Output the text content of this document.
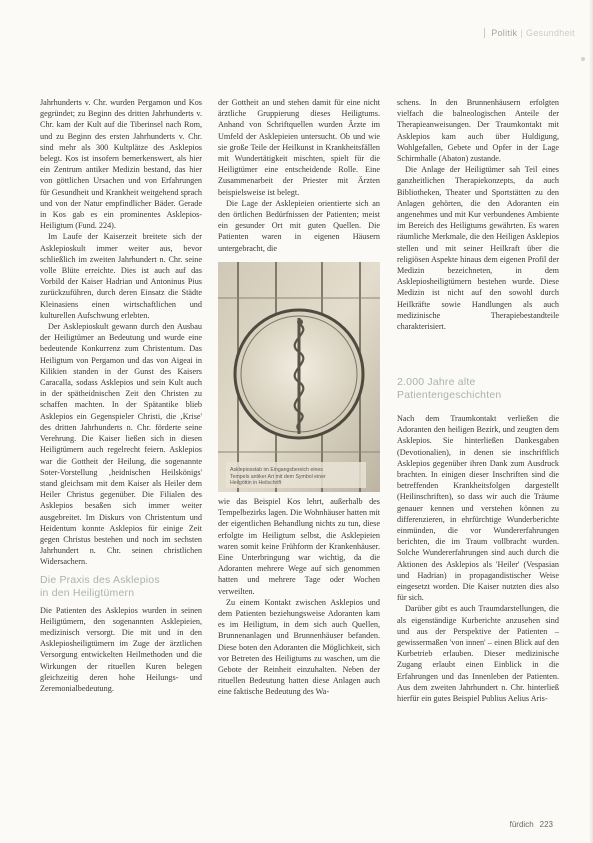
Politik | Gesundheit

Jahrhunderts v. Chr. wurden Pergamon und Kos gegründet; zu Beginn des dritten Jahrhunderts v. Chr. kam der Kult auf die Tiberinsel nach Rom, und zu Beginn des ersten Jahrhunderts v. Chr. sind mehr als 300 Kultplätze des Asklepios belegt. Kos ist insofern bemerkenswert, als hier ein Zentrum antiker Medizin bestand, das hier von göttlichen Ursachen und von Erfahrungen für Gesundheit und Krankheit weitgehend sprach und von der Natur empfindlicher Bäder. Gerade in Kos gab es ein prominentes Asklepios-Heiligtum (Fund. 224).

Im Laufe der Kaiserzeit breitete sich der Asklepioskult immer weiter aus, bevor schließlich im zweiten Jahrhundert n. Chr. seine volle Blüte erreichte. Dies ist auch auf das Vorbild der Kaiser Hadrian und Antoninus Pius zurückzuführen, durch deren Einsatz die Städte Kleinasiens einen wirtschaftlichen und kulturellen Aufschwung erlebten.

Der Asklepioskult gewann durch den Ausbau der Heiligtümer an Bedeutung und wurde eine bedeutende Konkurrenz zum Christentum. Das Heiligtum von Pergamon und das von Aigeai in Kilikien standen in der Gunst des Kaisers Caracalla, sodass Asklepios und sein Kult auch in der spätheidnischen Zeit den Christen zu schaffen machten. In der Spätantike blieb Asklepios ein Gegenspieler Christi, die ‚Krise' des dritten Jahrhunderts n. Chr. förderte seine Verehrung. Die Kaiser ließen sich in diesen Heiligtümern auch regelrecht feiern. Asklepios war die Gottheit der Heilung, die sogenannte Soter-Vorstellung ‚heidnischen Heilskönigs' stand gleichsam mit dem Kaiser als Heiler dem Heiler Christus gegenüber. Die Filialen des Asklepios besaßen sich immer weiter ausgebreitet. Im Diskurs von Christentum und Heidentum konnte Asklepios für einige Zeit gegen Christus bestehen und noch im sechsten Jahrhundert n. Chr. seinen christlichen Widersachern.

Die Praxis des Asklepios
in den Heiligtümern

Die Patienten des Asklepios wurden in seinen Heiligtümern, den sogenannten Asklepieien, medizinisch versorgt. Die mit und in den Asklepiosheiligtümern im Zuge der ärztlichen Versorgung entwickelten Heilmethoden und die Wirkungen der rituellen Kuren belegen gleichzeitig deren hohe Heilungs- und Zeremonialbedeutung.

der Gottheit an und stehen damit für eine nicht ärztliche Gruppierung dieses Heiligtums. Anhand von Schriftquellen wurden Ärzte im Umfeld der Asklepieien untersucht. Ob und wie sie große Teile der Heilkunst in Krankheitsfällen mit Wundertätigkeit mischten, spielt für die Heiligtümer eine entscheidende Rolle. Eine Zusammenarbeit der Priester mit Ärzten beispielsweise ist belegt.

Die Lage der Asklepieien orientierte sich an den örtlichen Bedürfnissen der Patienten; meist ein gesunder Ort mit guten Quellen. Die Patienten waren in eigenen Häusern untergebracht, die

Asklepiosstab im Eingangsbereich eines Tempels antiker Art mit dem Symbol einer Heilgöttin in Heilschrift

wie das Beispiel Kos lehrt, außerhalb des Tempelbezirks lagen. Die Wohnhäuser hatten mit der eigentlichen Behandlung nichts zu tun, diese erfolgte im Heiligtum selbst, die Asklepieien waren somit keine Frühform der Krankenhäuser. Eine Unterbringung war wichtig, da die Adoranten mehrere Wege auf sich genommen hatten und mehrere Tage oder Wochen verweilten.

Zu einem Kontakt zwischen Asklepios und dem Patienten beziehungsweise Adoranten kam es im Heiligtum, in dem sich auch Quellen, Brunnenanlagen und Brunnenhäuser befanden. Diese boten den Adoranten die Möglichkeit, sich vor Betreten des Heiligtums zu waschen, um die Gebote der Reinheit einzuhalten. Neben der rituellen Bedeutung hatten diese Anlagen auch eine faktische Bedeutung des Wa-

schens. In den Brunnenhäusern erfolgten vielfach die balneologischen Anteile der Therapieanweisungen. Der Traumkontakt mit Asklepios kam auch über Huldigung, Wohlgefallen, Gebete und Opfer in der Lage Schirmhalle (Abaton) zustande.

Die Anlage der Heiligtümer sah Teil eines ganzheitlichen Therapiekonzepts, da auch Bibliotheken, Theater und Sportstätten zu den Anlagen gehörten, die den Adoranten ein angenehmes und mit Kur verbundenes Ambiente im Bereich des Heiligtums gewährten. Es waren räumliche Merkmale, die den Heiligen Asklepios stellen und mit seiner Heilkraft über die religiösen Aspekte hinaus dem eigenen Profil der Medizin bezeichneten, in dem Asklepiosheiligtümern bestehen wurde. Diese Medizin ist nicht auf den sowohl durch Heilkräfte sowie Handlungen als auch medizinische Therapiebestandteile charakterisiert.

2.000 Jahre alte
Patientengeschichten

Nach dem Traumkontakt verließen die Adoranten den heiligen Bezirk, und zeugten dem Asklepios. Sie hinterließen Dankesgaben (Devotionalien), in denen sie inschriftlich Asklepios gegenüber ihren Dank zum Ausdruck brachten. In einigen dieser Inschriften sind die betreffenden Krankheitsfolgen dargestellt (Heilinschriften), so dass wir auch die Träume genauer kennen und verstehen können zu differenzieren, in ehrfürchtige Wunderberichte einmünden, die vor Wundererfahrungen berichten, die im Traum vollbracht wurden. Solche Wundererfahrungen sind auch durch die Aktionen des Asklepios als 'Heiler' (Vespasian und Hadrian) in propagandistischer Weise eingesetzt worden. Die Kaiser nutzten dies also für sich.

Darüber gibt es auch Traumdarstellungen, die als eigenständige Kurberichte anzusehen sind und aus der Perspektive der Patienten – gewissermaßen 'von innen' – einen Blick auf den Kurbetrieb erlauben. Dieser medizinische Zugang erlaubt einen Einblick in die Erfahrungen und das Innenleben der Patienten. Aus dem zweiten Jahrhundert n. Chr. hinterließ hierfür ein gutes Beispiel Publius Aelius Aris-

fürdich 223
